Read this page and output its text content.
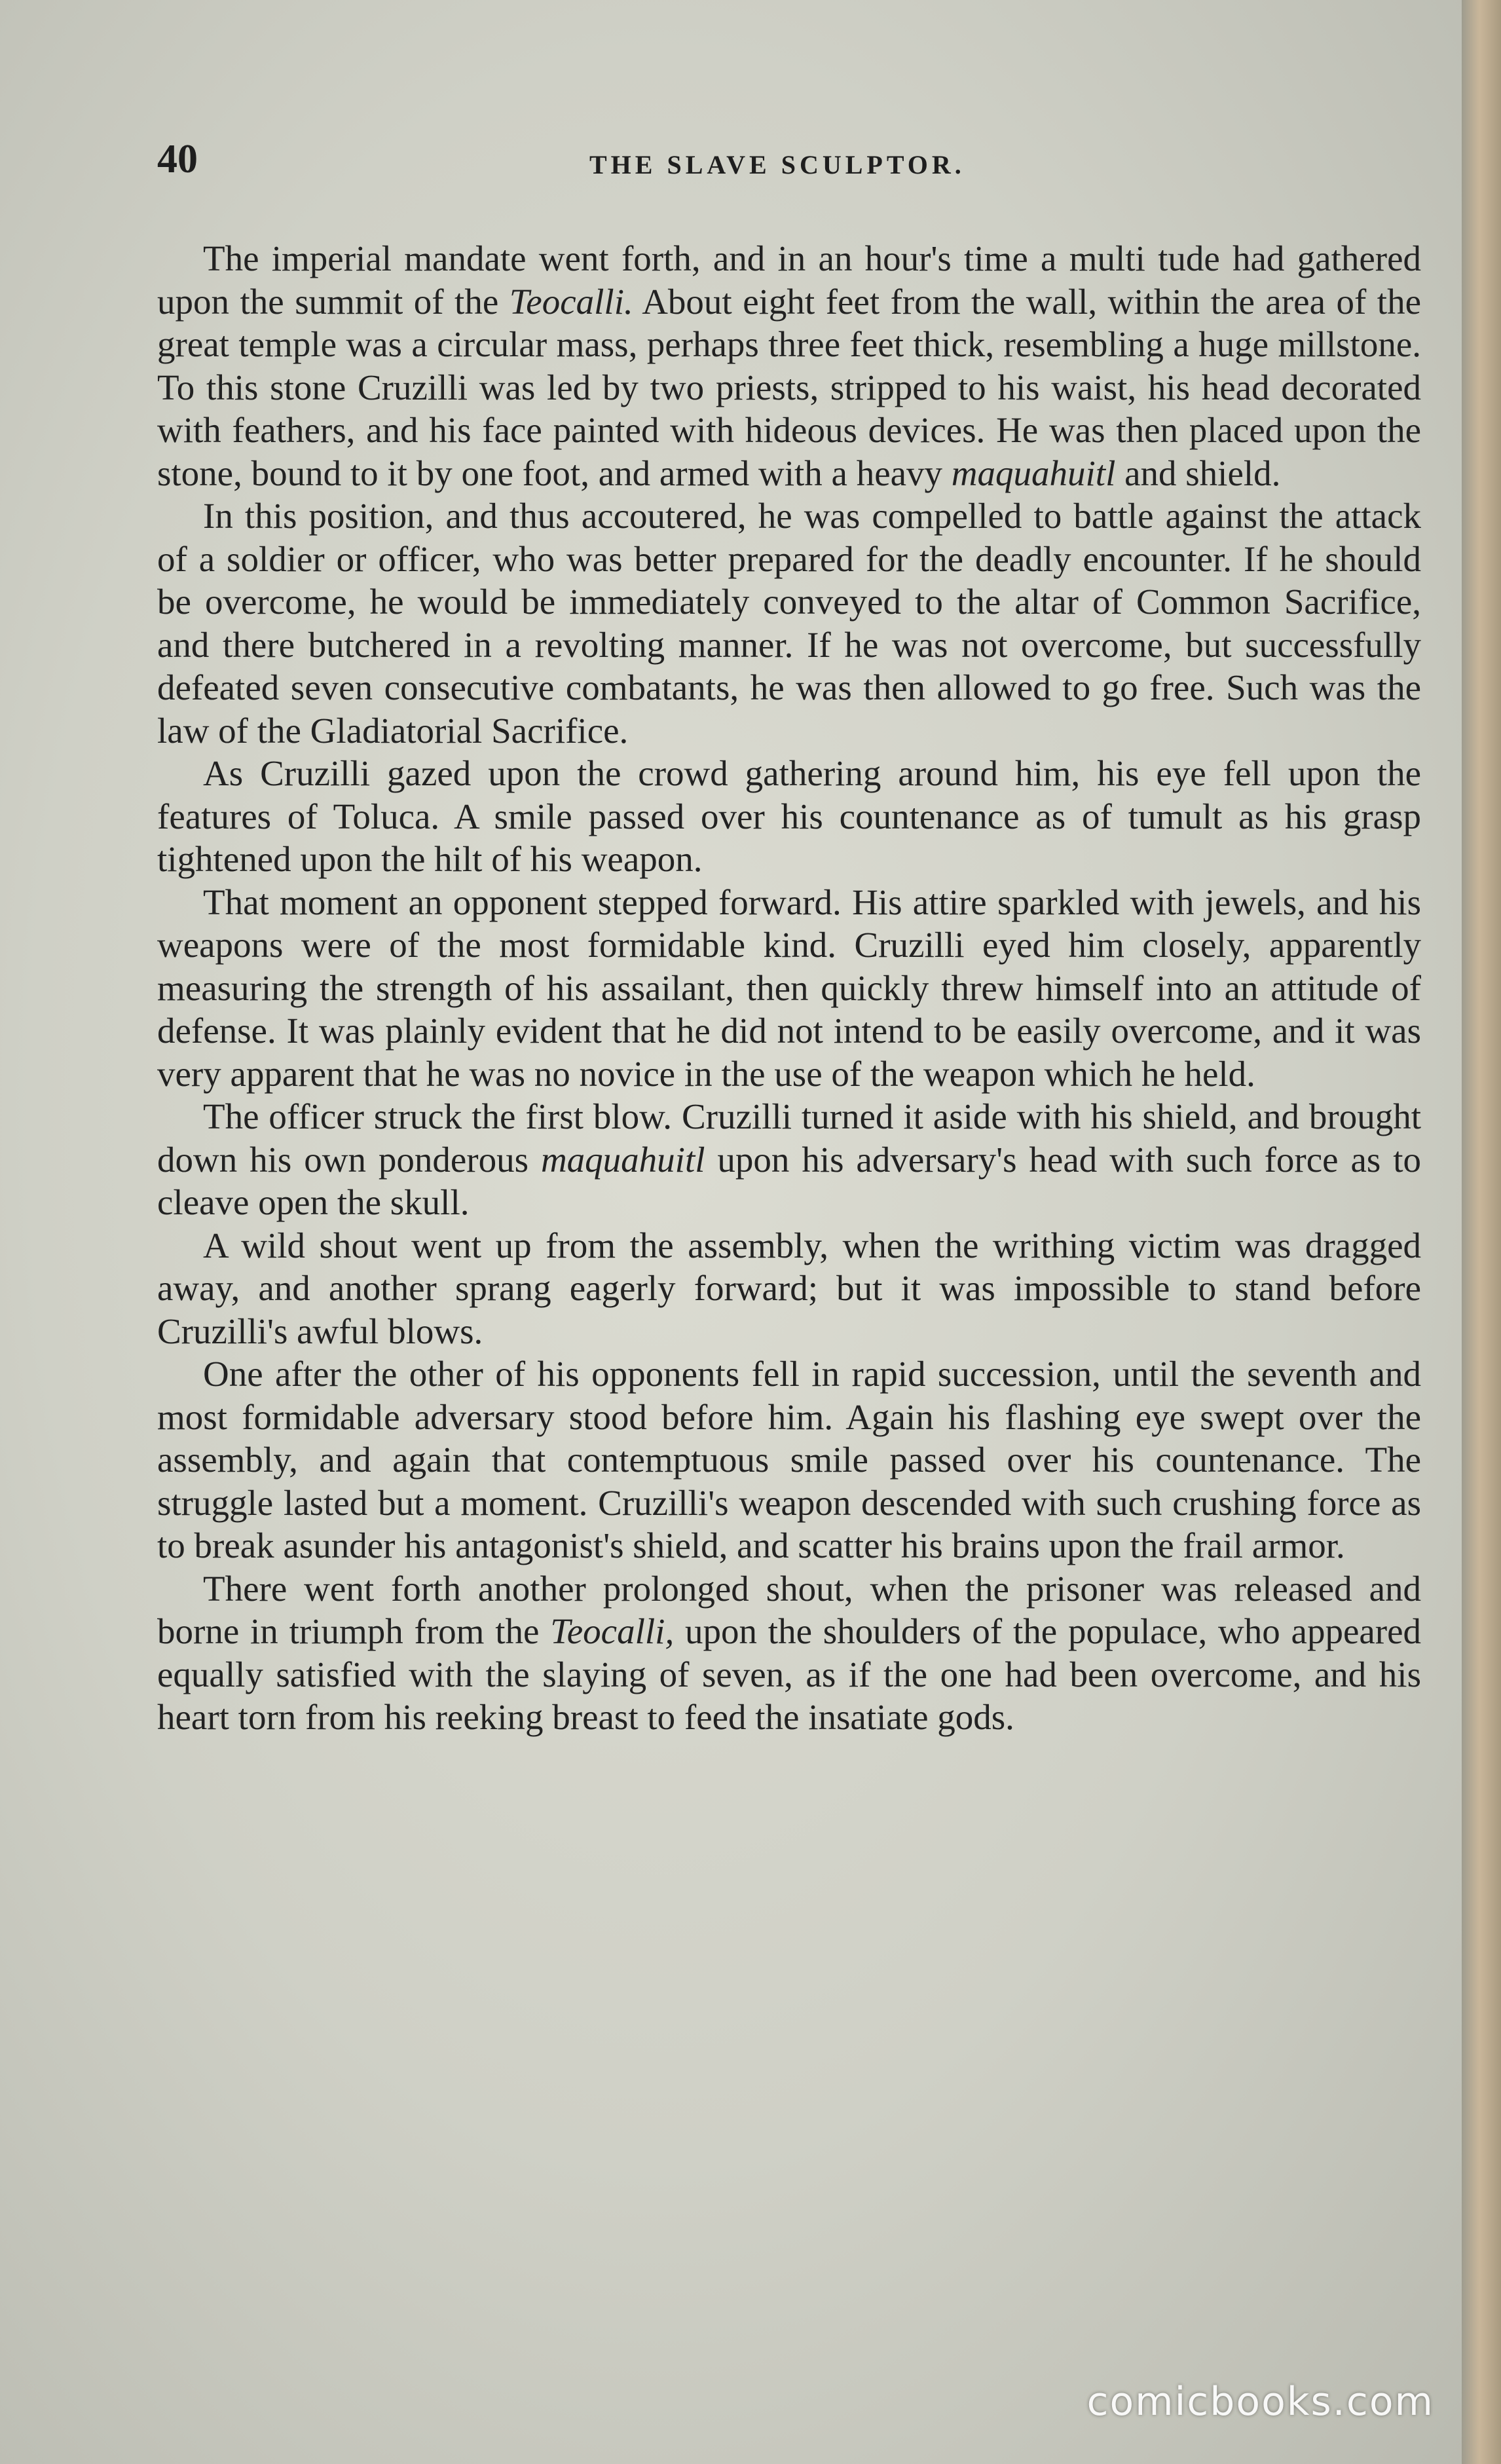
40	THE SLAVE SCULPTOR.

The imperial mandate went forth, and in an hour's time a multi tude had gathered upon the summit of the Teocalli. About eight feet from the wall, within the area of the great temple was a circular mass, perhaps three feet thick, resembling a huge millstone. To this stone Cruzilli was led by two priests, stripped to his waist, his head decorated with feathers, and his face painted with hideous devices. He was then placed upon the stone, bound to it by one foot, and armed with a heavy maquahuitl and shield.

In this position, and thus accoutered, he was compelled to battle against the attack of a soldier or officer, who was better prepared for the deadly encounter. If he should be overcome, he would be immediately conveyed to the altar of Common Sacrifice, and there butchered in a revolting manner. If he was not overcome, but successfully defeated seven consecutive combatants, he was then allowed to go free. Such was the law of the Gladiatorial Sacrifice.

As Cruzilli gazed upon the crowd gathering around him, his eye fell upon the features of Toluca. A smile passed over his countenance as of tumult as his grasp tightened upon the hilt of his weapon.

That moment an opponent stepped forward. His attire sparkled with jewels, and his weapons were of the most formidable kind. Cruzilli eyed him closely, apparently measuring the strength of his assailant, then quickly threw himself into an attitude of defense. It was plainly evident that he did not intend to be easily overcome, and it was very apparent that he was no novice in the use of the weapon which he held.

The officer struck the first blow. Cruzilli turned it aside with his shield, and brought down his own ponderous maquahuitl upon his adversary's head with such force as to cleave open the skull.

A wild shout went up from the assembly, when the writhing victim was dragged away, and another sprang eagerly forward; but it was impossible to stand before Cruzilli's awful blows.

One after the other of his opponents fell in rapid succession, until the seventh and most formidable adversary stood before him. Again his flashing eye swept over the assembly, and again that contemptuous smile passed over his countenance. The struggle lasted but a moment. Cruzilli's weapon descended with such crushing force as to break asunder his antagonist's shield, and scatter his brains upon the frail armor.

There went forth another prolonged shout, when the prisoner was released and borne in triumph from the Teocalli, upon the shoulders of the populace, who appeared equally satisfied with the slaying of seven, as if the one had been overcome, and his heart torn from his reeking breast to feed the insatiate gods.

comicbooks.com
